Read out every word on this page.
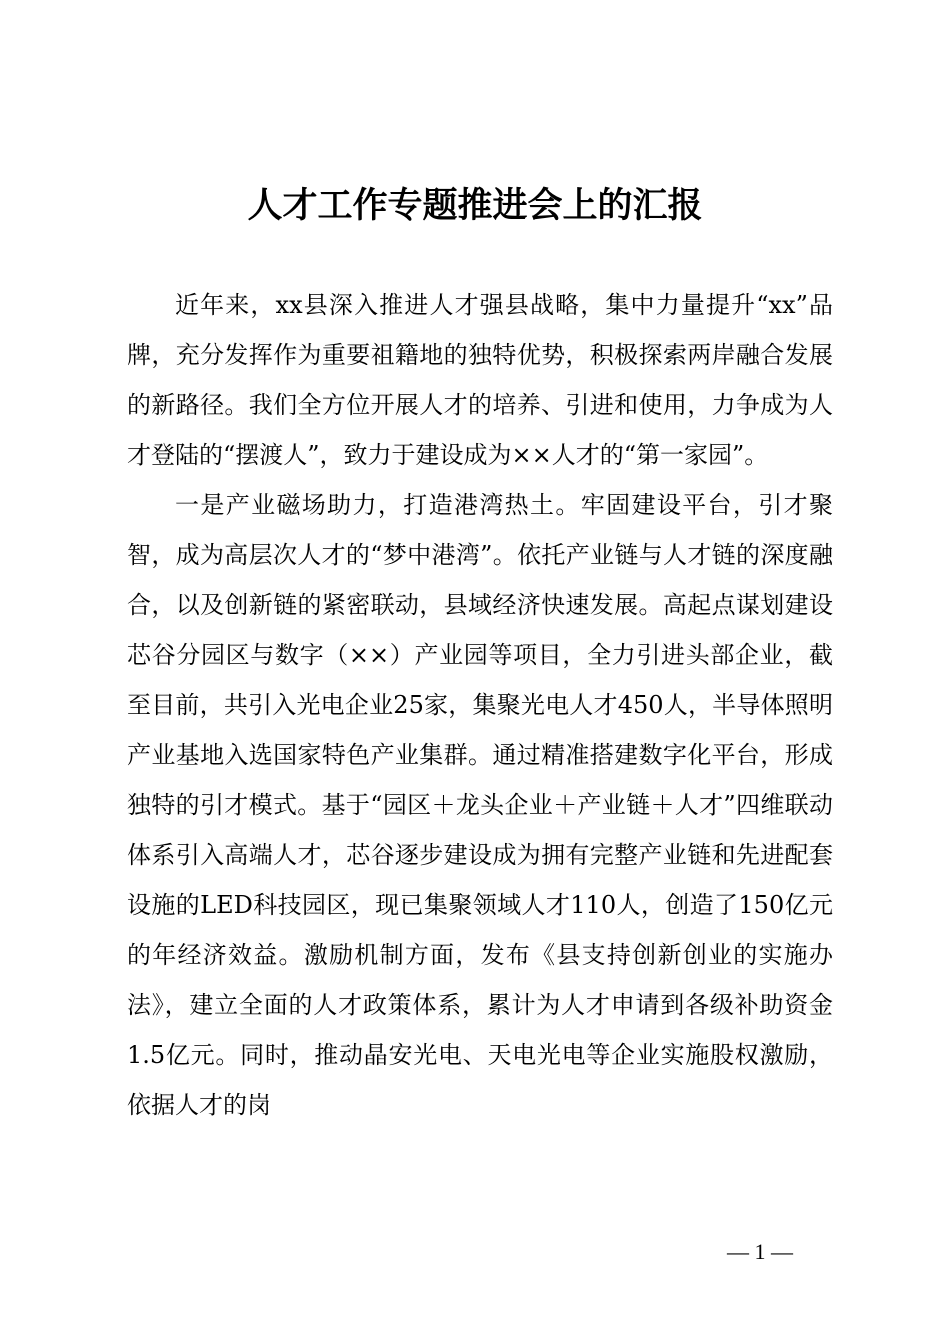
人才工作专题推进会上的汇报

近年来，xx县深入推进人才强县战略，集中力量提升“xx”品牌，充分发挥作为重要祖籍地的独特优势，积极探索两岸融合发展的新路径。我们全方位开展人才的培养、引进和使用，力争成为人才登陆的“摆渡人”，致力于建设成为××人才的“第一家园”。

一是产业磁场助力，打造港湾热土。牢固建设平台，引才聚智，成为高层次人才的“梦中港湾”。依托产业链与人才链的深度融合，以及创新链的紧密联动，县域经济快速发展。高起点谋划建设芯谷分园区与数字（××）产业园等项目，全力引进头部企业，截至目前，共引入光电企业25家，集聚光电人才450人，半导体照明产业基地入选国家特色产业集群。通过精准搭建数字化平台，形成独特的引才模式。基于“园区＋龙头企业＋产业链＋人才”四维联动体系引入高端人才，芯谷逐步建设成为拥有完整产业链和先进配套设施的LED科技园区，现已集聚领域人才110人，创造了150亿元的年经济效益。激励机制方面，发布《县支持创新创业的实施办法》，建立全面的人才政策体系，累计为人才申请到各级补助资金1.5亿元。同时，推动晶安光电、天电光电等企业实施股权激励，依据人才的岗

— 1 —
